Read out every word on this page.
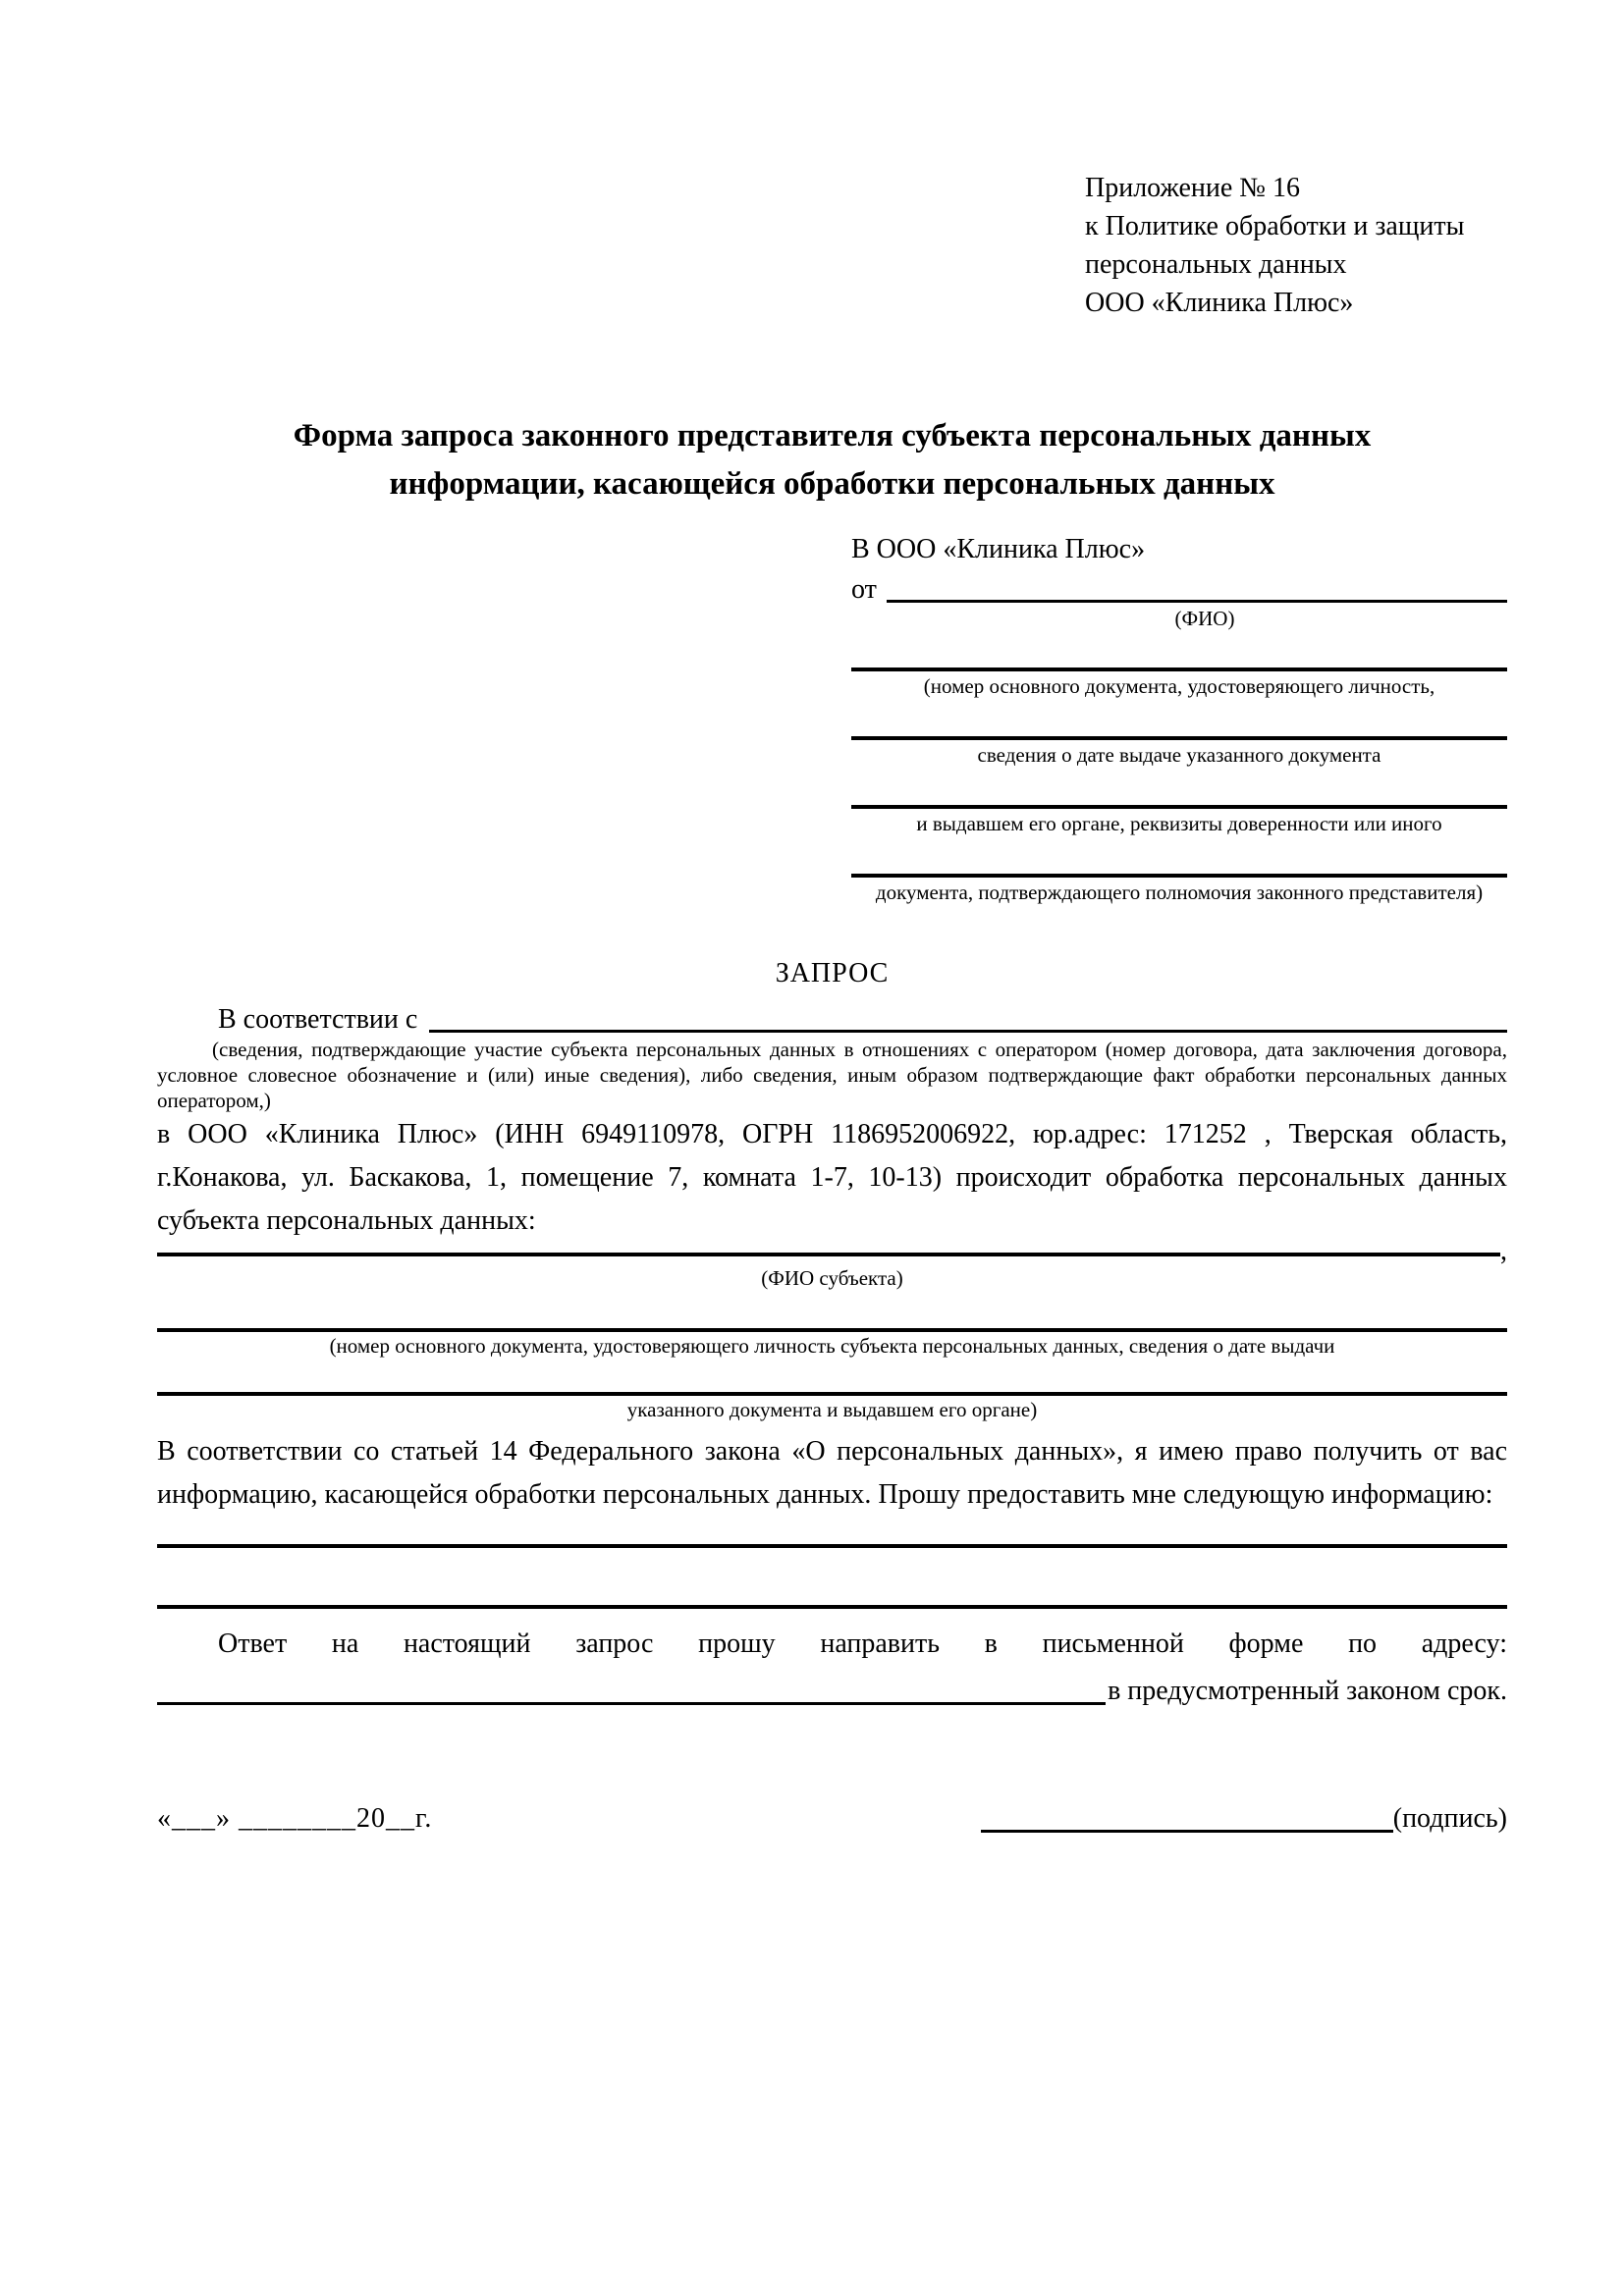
Приложение № 16
к Политике обработки и защиты
персональных данных
ООО «Клиника Плюс»
Форма запроса законного представителя субъекта персональных данных информации, касающейся обработки персональных данных
В ООО «Клиника Плюс»
от
(ФИО)
(номер основного документа, удостоверяющего личность,
сведения о дате выдаче указанного документа
и выдавшем его органе, реквизиты доверенности или иного
документа, подтверждающего полномочия законного представителя)
ЗАПРОС
В соответствии с

(сведения, подтверждающие участие субъекта персональных данных в отношениях с оператором (номер договора, дата заключения договора, условное словесное обозначение и (или) иные сведения), либо сведения, иным образом подтверждающие факт обработки персональных данных оператором,)

в ООО «Клиника Плюс» (ИНН 6949110978, ОГРН 1186952006922, юр.адрес: 171252 , Тверская область, г.Конакова, ул. Баскакова, 1, помещение 7, комната 1-7, 10-13) происходит обработка персональных данных субъекта персональных данных:

,
(ФИО субъекта)
(номер основного документа, удостоверяющего личность субъекта персональных данных, сведения о дате выдачи
указанного документа и выдавшем его органе)

В соответствии со статьей 14 Федерального закона «О персональных данных», я имею право получить от вас информацию, касающейся обработки персональных данных. Прошу предоставить мне следующую информацию:

Ответ на настоящий запрос прошу направить в письменной форме по адресу:

в предусмотренный законом срок.
«___» ________20__г.	(подпись)
